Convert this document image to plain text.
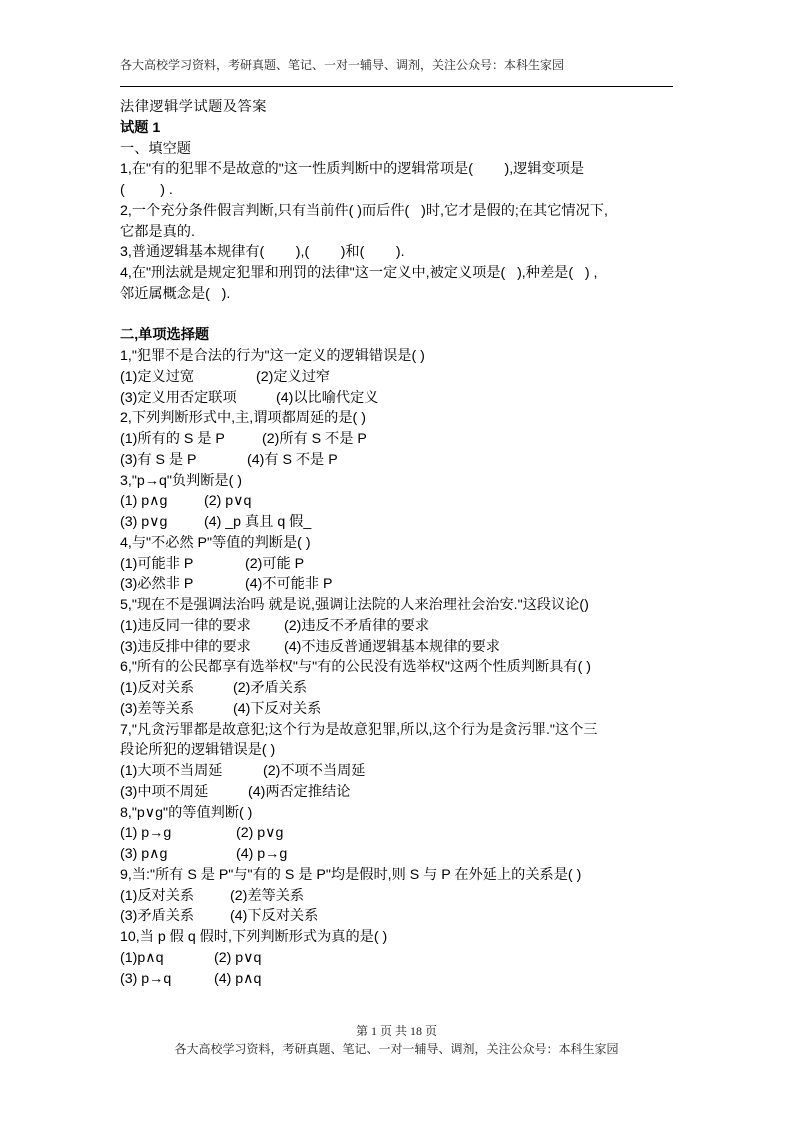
各大高校学习资料，考研真题、笔记、一对一辅导、调剂，关注公众号：本科生家园
法律逻辑学试题及答案
试题 1
一、填空题
1,在"有的犯罪不是故意的"这一性质判断中的逻辑常项是(        ),逻辑变项是
(         ) .
2,一个充分条件假言判断,只有当前件( )而后件(   )时,它才是假的;在其它情况下,
它都是真的.
3,普通逻辑基本规律有(        ),(        )和(        ).
4,在"刑法就是规定犯罪和刑罚的法律"这一定义中,被定义项是(   ),种差是(   ) ,
邻近属概念是(   ).
二,单项选择题
1,"犯罪不是合法的行为"这一定义的逻辑错误是( )
(1)定义过宽	(2)定义过窄
(3)定义用否定联项	(4)以比喻代定义
2,下列判断形式中,主,谓项都周延的是( )
(1)所有的 S 是 P	(2)所有 S 不是 P
(3)有 S 是 P	(4)有 S 不是 P
3,"p→q"负判断是( )
(1) p∧g	(2) p∨q
(3) p∨g	(4) _p 真且 q 假_
4,与"不必然 P"等值的判断是( )
(1)可能非 P	(2)可能 P
(3)必然非 P	(4)不可能非 P
5,"现在不是强调法治吗 就是说,强调让法院的人来治理社会治安."这段议论()
(1)违反同一律的要求	(2)违反不矛盾律的要求
(3)违反排中律的要求	(4)不违反普通逻辑基本规律的要求
6,"所有的公民都享有选举权"与"有的公民没有选举权"这两个性质判断具有( )
(1)反对关系	(2)矛盾关系
(3)差等关系	(4)下反对关系
7,"凡贪污罪都是故意犯;这个行为是故意犯罪,所以,这个行为是贪污罪."这个三
段论所犯的逻辑错误是( )
(1)大项不当周延	(2)不项不当周延
(3)中项不周延	(4)两否定推结论
8,"p∨g"的等值判断( )
(1) p→g	(2) p∨g
(3) p∧g	(4) p→g
9,当:"所有 S 是 P"与"有的 S 是 P"均是假时,则 S 与 P 在外延上的关系是( )
(1)反对关系	(2)差等关系
(3)矛盾关系	(4)下反对关系
10,当 p 假 q 假时,下列判断形式为真的是( )
(1)p∧q	(2) p∨q
(3) p→q	(4) p∧q
第 1 页 共 18 页
各大高校学习资料，考研真题、笔记、一对一辅导、调剂，关注公众号：本科生家园
